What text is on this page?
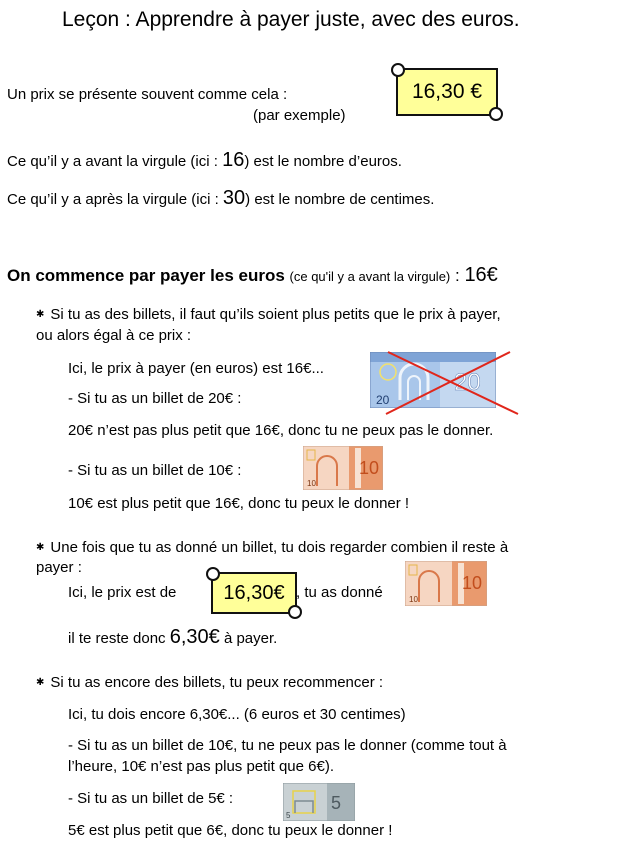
Leçon : Apprendre à payer juste, avec des euros.
Un prix se présente souvent comme cela :
(par exemple)
16,30 €
Ce qu’il y a avant la virgule (ici : 16) est le nombre d’euros.
Ce qu’il y a après la virgule (ici : 30) est le nombre de centimes.
On commence par payer les euros (ce qu'il y a avant la virgule) : 16€
✱ Si tu as des billets, il faut qu’ils soient plus petits que le prix à payer,
ou alors égal à ce prix :
Ici, le prix à payer (en euros) est 16€...
- Si tu as un billet de 20€ :
20€ n’est pas plus petit que 16€, donc tu ne peux pas le donner.
- Si tu as un billet de 10€ :
10€ est plus petit que 16€, donc tu peux le donner !
20
20
10
10
✱ Une fois que tu as donné un billet, tu dois regarder combien il reste à
payer :
Ici, le prix est de 16,30€ , tu as donné	10
10
il te reste donc 6,30€ à payer.
✱ Si tu as encore des billets, tu peux recommencer :
Ici, tu dois encore 6,30€... (6 euros et 30 centimes)
- Si tu as un billet de 10€, tu ne peux pas le donner (comme tout à
l’heure, 10€ n’est pas plus petit que 6€).
- Si tu as un billet de 5€ :	5
5
5€ est plus petit que 6€, donc tu peux le donner !
